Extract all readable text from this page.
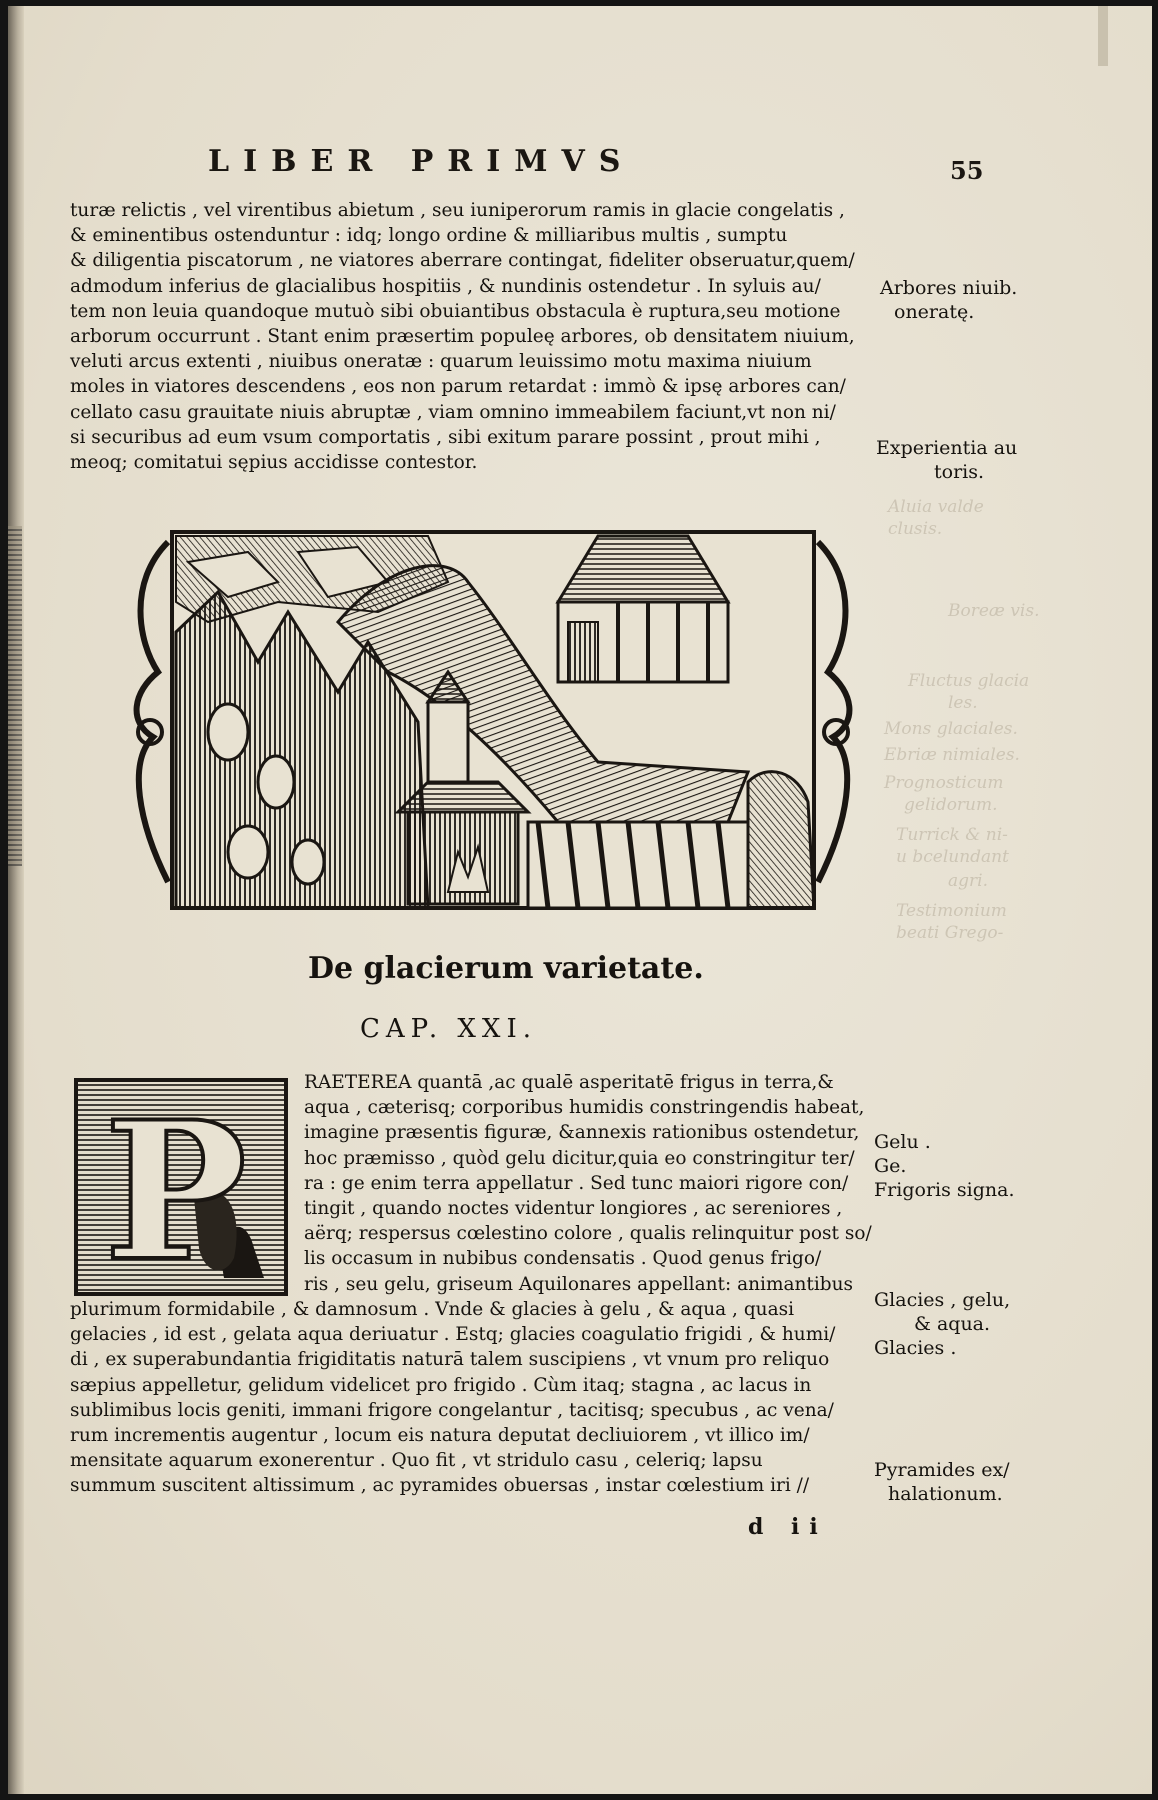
LIBER PRIMVS	55
turæ relictis , vel virentibus abietum , seu iuniperorum ramis in glacie congelatis ,
& eminentibus ostenduntur : idq; longo ordine & milliaribus multis , sumptu
& diligentia piscatorum , ne viatores aberrare contingat, fideliter obseruatur,quem/
admodum inferius de glacialibus hospitiis , & nundinis ostendetur . In syluis au/
tem non leuia quandoque mutuò sibi obuiantibus obstacula è ruptura,seu motione
arborum occurrunt . Stant enim præsertim populeę arbores, ob densitatem niuium,
veluti arcus extenti , niuibus oneratæ : quarum leuissimo motu maxima niuium
moles in viatores descendens , eos non parum retardat : immò & ipsę arbores can/
cellato casu grauitate niuis abruptæ , viam omnino immeabilem faciunt,vt non ni/
si securibus ad eum vsum comportatis , sibi exitum parare possint , prout mihi ,
meoq; comitatui sępius accidisse contestor.
Arbores niuib.
oneratę.
Experientia au
toris.
Aluia valde
clusis.
Boreæ vis.
Fluctus glacia
les.
Mons glaciales.
Ebriæ nimiales.
Prognosticum
gelidorum.
Turrick & ni-
u bcelundant
agri.
Testimonium
beati Grego-
De glacierum varietate.
CAP. XXI.
P	RAETEREA quantā ,ac qualē asperitatē frigus in terra,&
aqua , cæterisq; corporibus humidis constringendis habeat,
imagine præsentis figuræ, &annexis rationibus ostendetur,
hoc præmisso , quòd gelu dicitur,quia eo constringitur ter/
ra : ge enim terra appellatur . Sed tunc maiori rigore con/
tingit , quando noctes videntur longiores , ac sereniores ,
aërq; respersus cœlestino colore , qualis relinquitur post so/
lis occasum in nubibus condensatis . Quod genus frigo/
ris , seu gelu, griseum Aquilonares appellant: animantibus
plurimum formidabile , & damnosum . Vnde & glacies à gelu , & aqua , quasi
gelacies , id est , gelata aqua deriuatur . Estq; glacies coagulatio frigidi , & humi/
di , ex superabundantia frigiditatis naturā talem suscipiens , vt vnum pro reliquo
sæpius appelletur, gelidum videlicet pro frigido . Cùm itaq; stagna , ac lacus in
sublimibus locis geniti, immani frigore congelantur , tacitisq; specubus , ac vena/
rum incrementis augentur , locum eis natura deputat decliuiorem , vt illico im/
mensitate aquarum exonerentur . Quo fit , vt stridulo casu , celeriq; lapsu
summum suscitent altissimum , ac pyramides obuersas , instar cœlestium iri //
Gelu .
Ge.
Frigoris signa.
Glacies , gelu,
& aqua.
Glacies .
Pyramides ex/
halationum.
d ii
